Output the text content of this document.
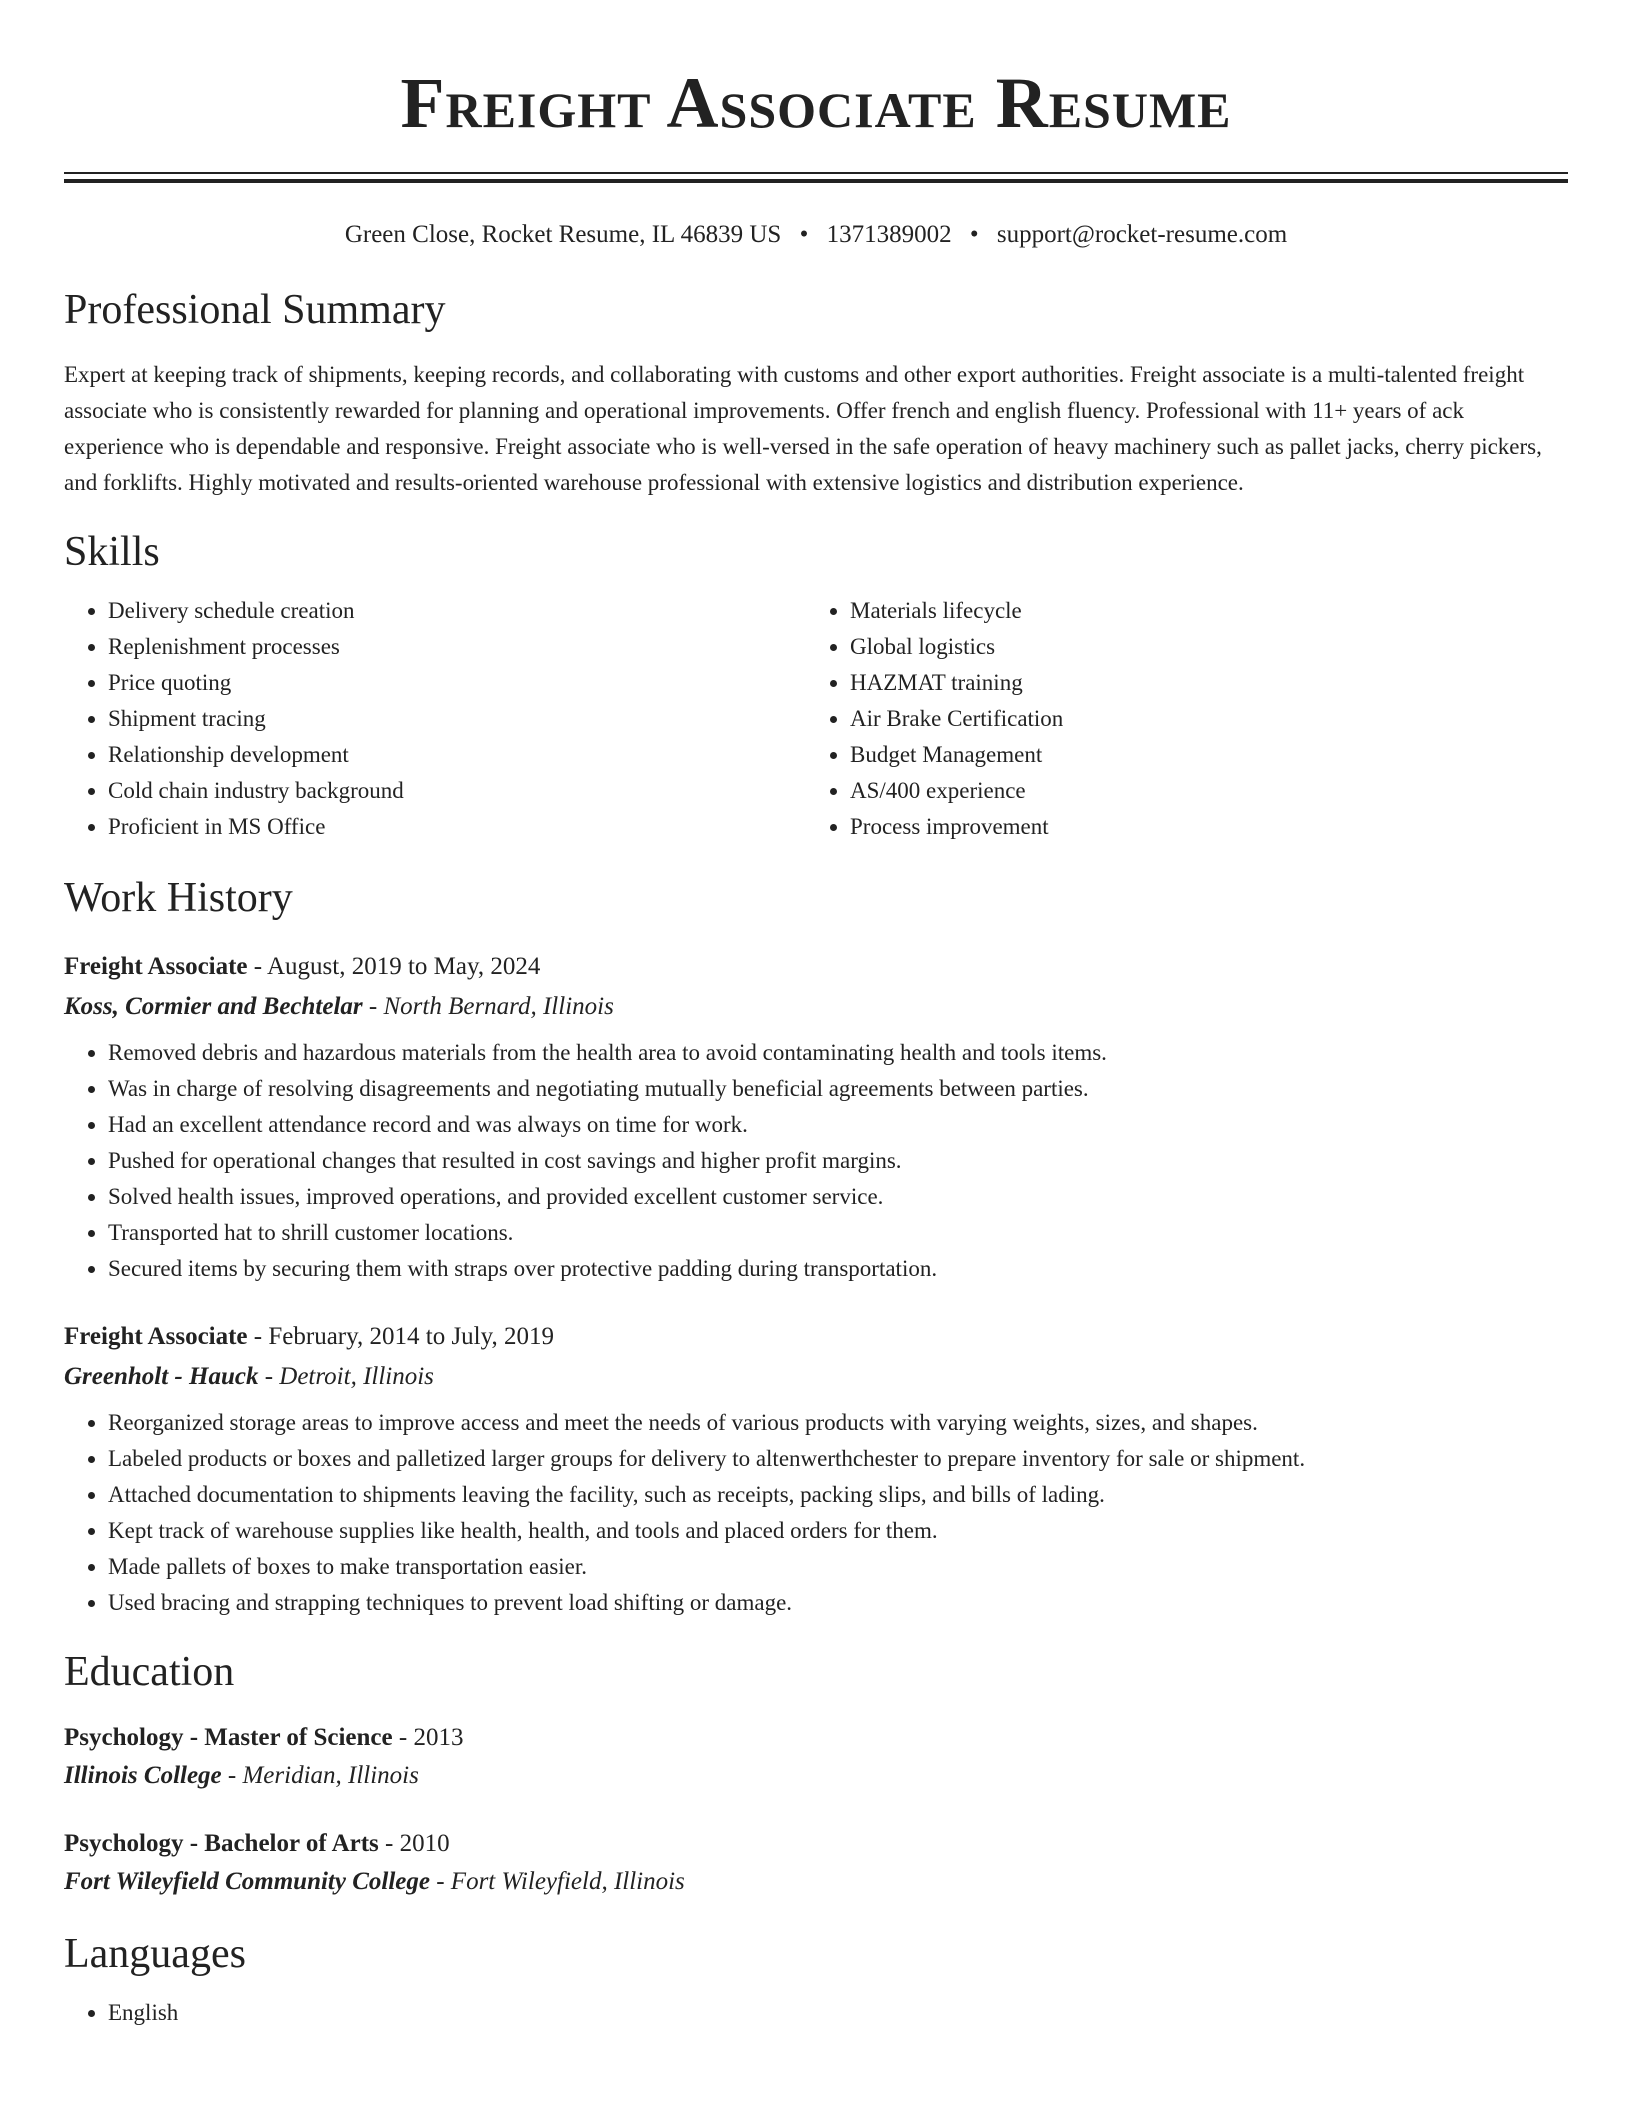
Freight Associate Resume
Green Close, Rocket Resume, IL 46839 US • 1371389002 • support@rocket-resume.com
Professional Summary

Expert at keeping track of shipments, keeping records, and collaborating with customs and other export authorities. Freight associate is a multi-talented freight associate who is consistently rewarded for planning and operational improvements. Offer french and english fluency. Professional with 11+ years of ack experience who is dependable and responsive. Freight associate who is well-versed in the safe operation of heavy machinery such as pallet jacks, cherry pickers, and forklifts. Highly motivated and results-oriented warehouse professional with extensive logistics and distribution experience.

Skills
• Delivery schedule creation
• Replenishment processes
• Price quoting
• Shipment tracing
• Relationship development
• Cold chain industry background
• Proficient in MS Office
• Materials lifecycle
• Global logistics
• HAZMAT training
• Air Brake Certification
• Budget Management
• AS/400 experience
• Process improvement
Work History
Freight Associate - August, 2019 to May, 2024
Koss, Cormier and Bechtelar - North Bernard, Illinois
• Removed debris and hazardous materials from the health area to avoid contaminating health and tools items.
• Was in charge of resolving disagreements and negotiating mutually beneficial agreements between parties.
• Had an excellent attendance record and was always on time for work.
• Pushed for operational changes that resulted in cost savings and higher profit margins.
• Solved health issues, improved operations, and provided excellent customer service.
• Transported hat to shrill customer locations.
• Secured items by securing them with straps over protective padding during transportation.
Freight Associate - February, 2014 to July, 2019
Greenholt - Hauck - Detroit, Illinois
• Reorganized storage areas to improve access and meet the needs of various products with varying weights, sizes, and shapes.
• Labeled products or boxes and palletized larger groups for delivery to altenwerthchester to prepare inventory for sale or shipment.
• Attached documentation to shipments leaving the facility, such as receipts, packing slips, and bills of lading.
• Kept track of warehouse supplies like health, health, and tools and placed orders for them.
• Made pallets of boxes to make transportation easier.
• Used bracing and strapping techniques to prevent load shifting or damage.
Education
Psychology - Master of Science - 2013
Illinois College - Meridian, Illinois
Psychology - Bachelor of Arts - 2010
Fort Wileyfield Community College - Fort Wileyfield, Illinois
Languages
• English
